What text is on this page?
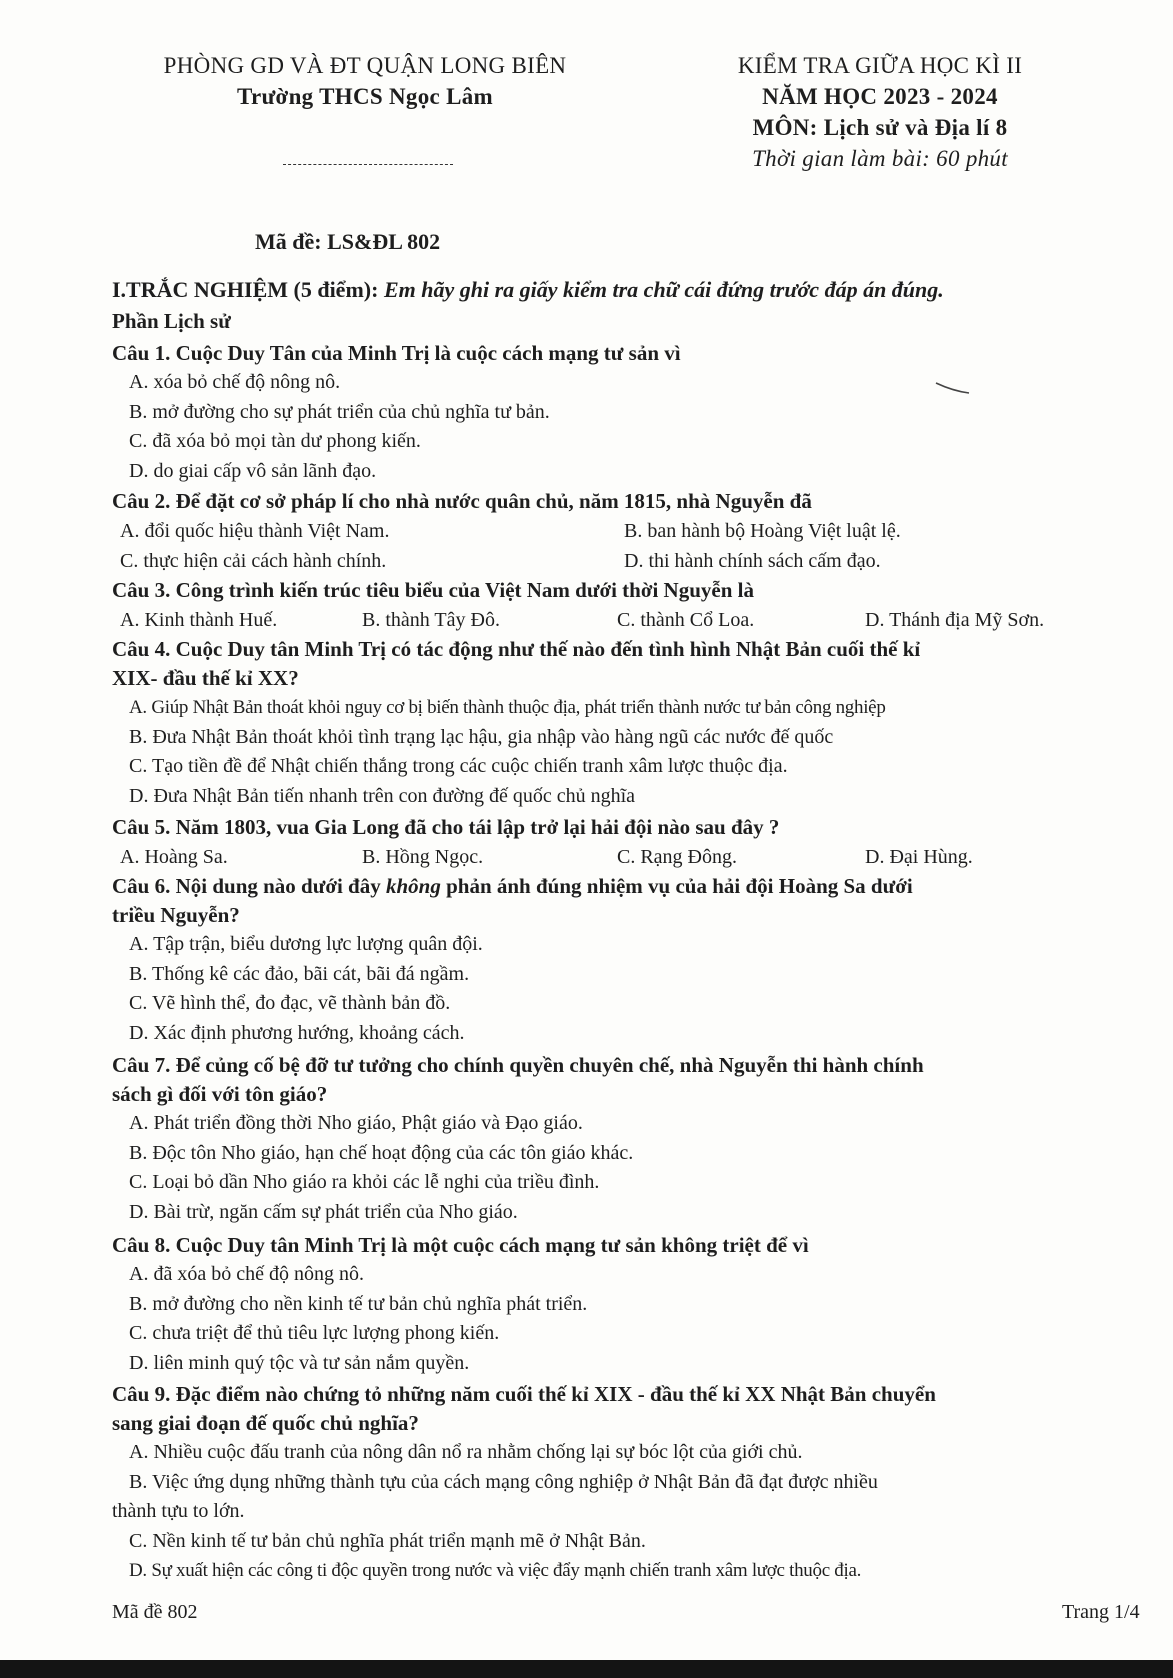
PHÒNG GD VÀ ĐT QUẬN LONG BIÊN
Trường THCS Ngọc Lâm
KIỂM TRA GIỮA HỌC KÌ II
NĂM HỌC 2023 - 2024
MÔN: Lịch sử và Địa lí 8
Thời gian làm bài: 60 phút
Mã đề: LS&ĐL 802
I.TRẮC NGHIỆM (5 điểm): Em hãy ghi ra giấy kiểm tra chữ cái đứng trước đáp án đúng.
Phần Lịch sử
Câu 1. Cuộc Duy Tân của Minh Trị là cuộc cách mạng tư sản vì
A. xóa bỏ chế độ nông nô.
B. mở đường cho sự phát triển của chủ nghĩa tư bản.
C. đã xóa bỏ mọi tàn dư phong kiến.
D. do giai cấp vô sản lãnh đạo.
Câu 2. Để đặt cơ sở pháp lí cho nhà nước quân chủ, năm 1815, nhà Nguyễn đã
A. đổi quốc hiệu thành Việt Nam.	B. ban hành bộ Hoàng Việt luật lệ.
C. thực hiện cải cách hành chính.	D. thi hành chính sách cấm đạo.
Câu 3. Công trình kiến trúc tiêu biểu của Việt Nam dưới thời Nguyễn là
A. Kinh thành Huế.	B. thành Tây Đô.	C. thành Cổ Loa.	D. Thánh địa Mỹ Sơn.
Câu 4. Cuộc Duy tân Minh Trị có tác động như thế nào đến tình hình Nhật Bản cuối thế kỉ
XIX- đầu thế kỉ XX?
A. Giúp Nhật Bản thoát khỏi nguy cơ bị biến thành thuộc địa, phát triển thành nước tư bản công nghiệp
B. Đưa Nhật Bản thoát khỏi tình trạng lạc hậu, gia nhập vào hàng ngũ các nước đế quốc
C. Tạo tiền đề để Nhật chiến thắng trong các cuộc chiến tranh xâm lược thuộc địa.
D. Đưa Nhật Bản tiến nhanh trên con đường đế quốc chủ nghĩa
Câu 5. Năm 1803, vua Gia Long đã cho tái lập trở lại hải đội nào sau đây ?
A. Hoàng Sa.	B. Hồng Ngọc.	C. Rạng Đông.	D. Đại Hùng.
Câu 6. Nội dung nào dưới đây không phản ánh đúng nhiệm vụ của hải đội Hoàng Sa dưới
triều Nguyễn?
A. Tập trận, biểu dương lực lượng quân đội.
B. Thống kê các đảo, bãi cát, bãi đá ngầm.
C. Vẽ hình thể, đo đạc, vẽ thành bản đồ.
D. Xác định phương hướng, khoảng cách.
Câu 7. Để củng cố bệ đỡ tư tưởng cho chính quyền chuyên chế, nhà Nguyễn thi hành chính
sách gì đối với tôn giáo?
A. Phát triển đồng thời Nho giáo, Phật giáo và Đạo giáo.
B. Độc tôn Nho giáo, hạn chế hoạt động của các tôn giáo khác.
C. Loại bỏ dần Nho giáo ra khỏi các lễ nghi của triều đình.
D. Bài trừ, ngăn cấm sự phát triển của Nho giáo.
Câu 8. Cuộc Duy tân Minh Trị là một cuộc cách mạng tư sản không triệt để vì
A. đã xóa bỏ chế độ nông nô.
B. mở đường cho nền kinh tế tư bản chủ nghĩa phát triển.
C. chưa triệt để thủ tiêu lực lượng phong kiến.
D. liên minh quý tộc và tư sản nắm quyền.
Câu 9. Đặc điểm nào chứng tỏ những năm cuối thế kỉ XIX - đầu thế kỉ XX Nhật Bản chuyển
sang giai đoạn đế quốc chủ nghĩa?
A. Nhiều cuộc đấu tranh của nông dân nổ ra nhằm chống lại sự bóc lột của giới chủ.
B. Việc ứng dụng những thành tựu của cách mạng công nghiệp ở Nhật Bản đã đạt được nhiều
thành tựu to lớn.
C. Nền kinh tế tư bản chủ nghĩa phát triển mạnh mẽ ở Nhật Bản.
D. Sự xuất hiện các công ti độc quyền trong nước và việc đẩy mạnh chiến tranh xâm lược thuộc địa.
Mã đề 802	Trang 1/4
